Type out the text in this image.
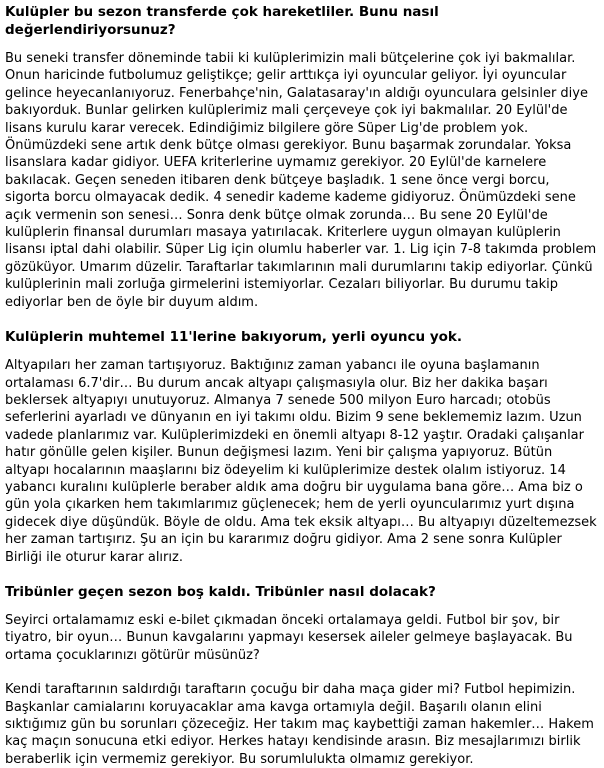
Kulüpler bu sezon transferde çok hareketliler. Bunu nasıl değerlendiriyorsunuz?

Bu seneki transfer döneminde tabii ki kulüplerimizin mali bütçelerine çok iyi bakmalılar. Onun haricinde futbolumuz geliştikçe; gelir arttıkça iyi oyuncular geliyor. İyi oyuncular gelince heyecanlanıyoruz. Fenerbahçe'nin, Galatasaray'ın aldığı oyunculara gelsinler diye bakıyorduk. Bunlar gelirken kulüplerimiz mali çerçeveye çok iyi bakmalılar. 20 Eylül'de lisans kurulu karar verecek. Edindiğimiz bilgilere göre Süper Lig'de problem yok. Önümüzdeki sene artık denk bütçe olması gerekiyor. Bunu başarmak zorundalar. Yoksa lisanslara kadar gidiyor. UEFA kriterlerine uymamız gerekiyor. 20 Eylül'de karnelere bakılacak. Geçen seneden itibaren denk bütçeye başladık. 1 sene önce vergi borcu, sigorta borcu olmayacak dedik. 4 senedir kademe kademe gidiyoruz. Önümüzdeki sene açık vermenin son senesi… Sonra denk bütçe olmak zorunda… Bu sene 20 Eylül'de kulüplerin finansal durumları masaya yatırılacak. Kriterlere uygun olmayan kulüplerin lisansı iptal dahi olabilir. Süper Lig için olumlu haberler var. 1. Lig için 7-8 takımda problem gözüküyor. Umarım düzelir. Taraftarlar takımlarının mali durumlarını takip ediyorlar. Çünkü kulüplerinin mali zorluğa girmelerini istemiyorlar. Cezaları biliyorlar. Bu durumu takip ediyorlar ben de öyle bir duyum aldım.

Kulüplerin muhtemel 11'lerine bakıyorum, yerli oyuncu yok.

Altyapıları her zaman tartışıyoruz. Baktığınız zaman yabancı ile oyuna başlamanın ortalaması 6.7'dir… Bu durum ancak altyapı çalışmasıyla olur. Biz her dakika başarı beklersek altyapıyı unutuyoruz. Almanya 7 senede 500 milyon Euro harcadı; otobüs seferlerini ayarladı ve dünyanın en iyi takımı oldu. Bizim 9 sene beklememiz lazım. Uzun vadede planlarımız var. Kulüplerimizdeki en önemli altyapı 8-12 yaştır. Oradaki çalışanlar hatır gönülle gelen kişiler. Bunun değişmesi lazım. Yeni bir çalışma yapıyoruz. Bütün altyapı hocalarının maaşlarını biz ödeyelim ki kulüplerimize destek olalım istiyoruz. 14 yabancı kuralını kulüplerle beraber aldık ama doğru bir uygulama bana göre… Ama biz o gün yola çıkarken hem takımlarımız güçlenecek; hem de yerli oyuncularımız yurt dışına gidecek diye düşündük. Böyle de oldu. Ama tek eksik altyapı… Bu altyapıyı düzeltemezsek her zaman tartışırız. Şu an için bu kararımız doğru gidiyor. Ama 2 sene sonra Kulüpler Birliği ile oturur karar alırız.

Tribünler geçen sezon boş kaldı. Tribünler nasıl dolacak?

Seyirci ortalamamız eski e-bilet çıkmadan önceki ortalamaya geldi. Futbol bir şov, bir tiyatro, bir oyun… Bunun kavgalarını yapmayı kesersek aileler gelmeye başlayacak. Bu ortama çocuklarınızı götürür müsünüz?

Kendi taraftarının saldırdığı taraftarın çocuğu bir daha maça gider mi? Futbol hepimizin. Başkanlar camialarını koruyacaklar ama kavga ortamıyla değil. Başarılı olanın elini sıktığımız gün bu sorunları çözeceğiz. Her takım maç kaybettiği zaman hakemler… Hakem kaç maçın sonucuna etki ediyor. Herkes hatayı kendisinde arasın. Biz mesajlarımızı birlik beraberlik için vermemiz gerekiyor. Bu sorumlulukta olmamız gerekiyor.
